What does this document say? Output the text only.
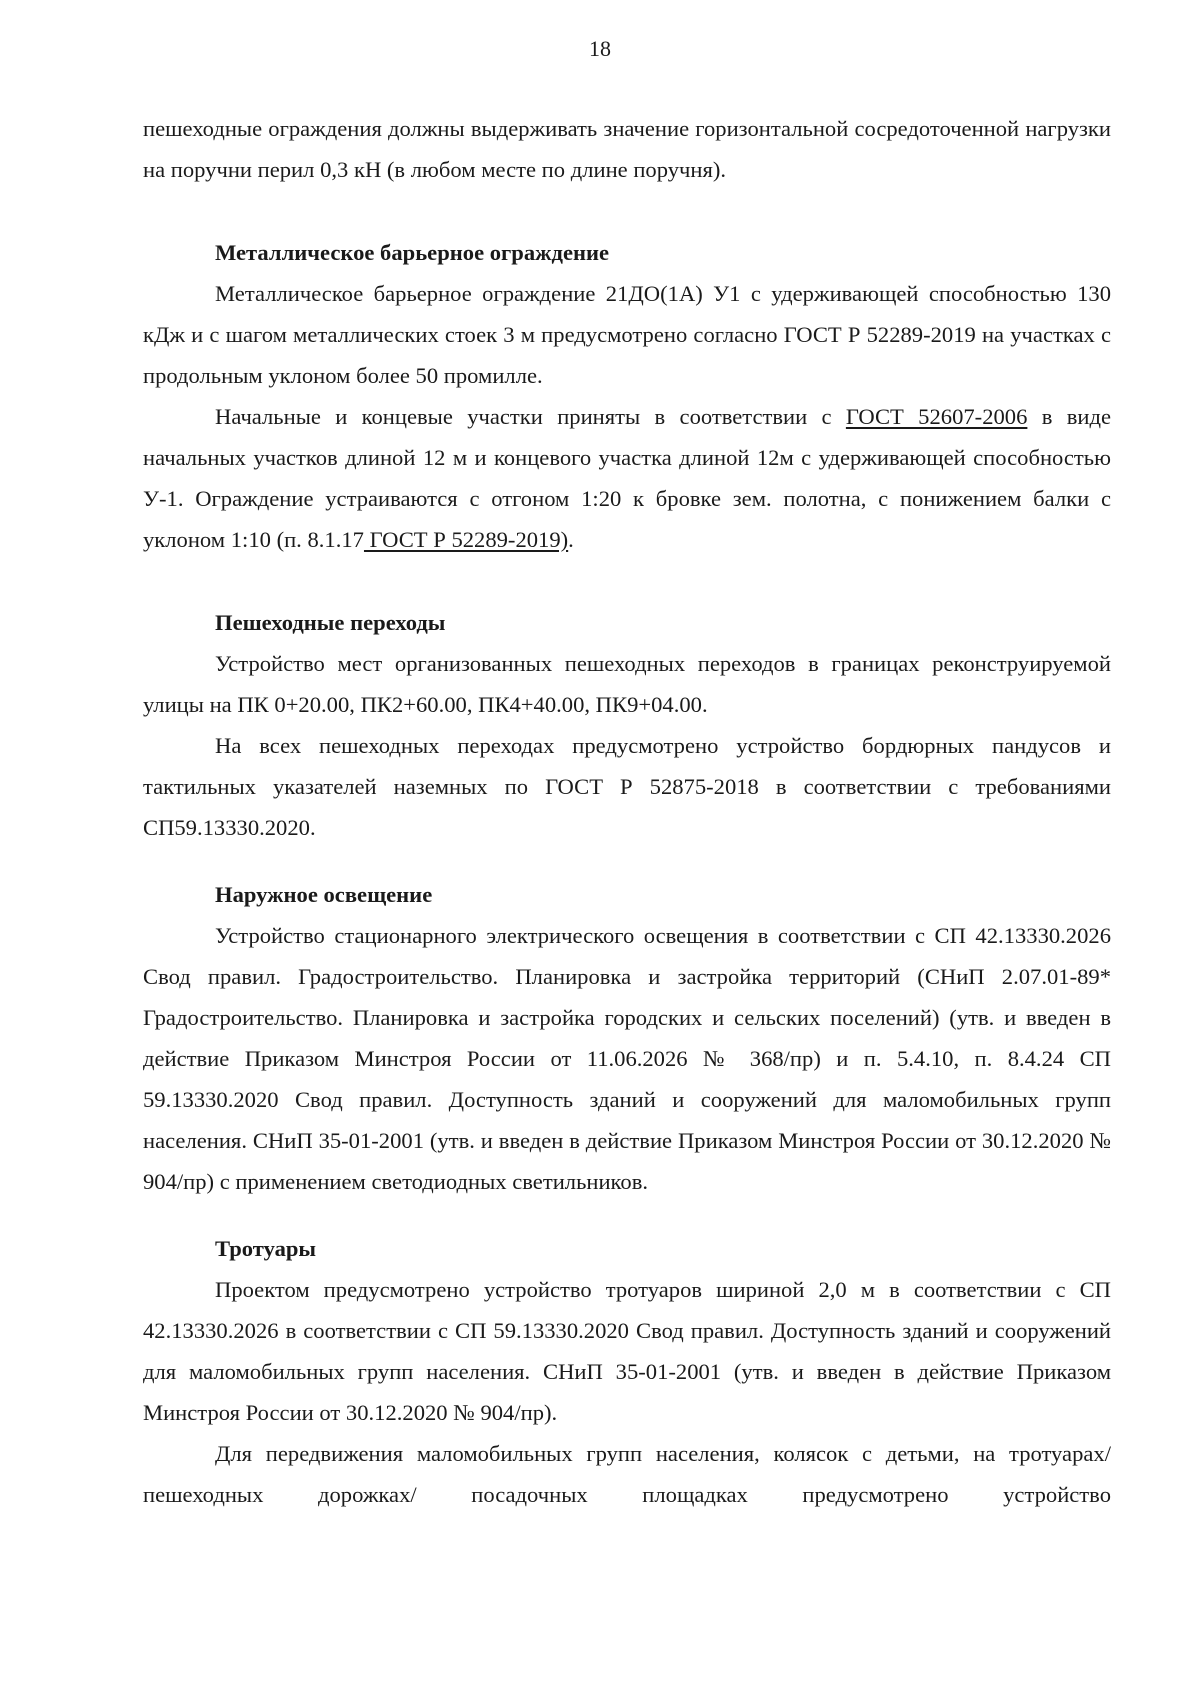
18

пешеходные ограждения должны выдерживать значение горизонтальной сосредоточенной нагрузки на поручни перил 0,3 кН (в любом месте по длине поручня).

Металлическое барьерное ограждение

Металлическое барьерное ограждение 21ДО(1А) У1 с удерживающей способностью 130 кДж и с шагом металлических стоек 3 м предусмотрено согласно ГОСТ Р 52289-2019 на участках с продольным уклоном более 50 промилле.

Начальные и концевые участки приняты в соответствии с ГОСТ 52607-2006 в виде начальных участков длиной 12 м и концевого участка длиной 12м с удерживающей способностью У-1. Ограждение устраиваются с отгоном 1:20 к бровке зем. полотна, с понижением балки с уклоном 1:10 (п. 8.1.17 ГОСТ Р 52289-2019).

Пешеходные переходы

Устройство мест организованных пешеходных переходов в границах реконструируемой улицы на ПК 0+20.00, ПК2+60.00, ПК4+40.00, ПК9+04.00.

На всех пешеходных переходах предусмотрено устройство бордюрных пандусов и тактильных указателей наземных по ГОСТ Р 52875-2018 в соответствии с требованиями СП59.13330.2020.

Наружное освещение

Устройство стационарного электрического освещения в соответствии с СП 42.13330.2026 Свод правил. Градостроительство. Планировка и застройка территорий (СНиП 2.07.01-89* Градостроительство. Планировка и застройка городских и сельских поселений) (утв. и введен в действие Приказом Минстроя России от 11.06.2026 № 368/пр) и п. 5.4.10, п. 8.4.24 СП 59.13330.2020 Свод правил. Доступность зданий и сооружений для маломобильных групп населения. СНиП 35-01-2001 (утв. и введен в действие Приказом Минстроя России от 30.12.2020 № 904/пр) с применением светодиодных светильников.

Тротуары

Проектом предусмотрено устройство тротуаров шириной 2,0 м в соответствии с СП 42.13330.2026 в соответствии с СП 59.13330.2020 Свод правил. Доступность зданий и сооружений для маломобильных групп населения. СНиП 35-01-2001 (утв. и введен в действие Приказом Минстроя России от 30.12.2020 № 904/пр).

Для передвижения маломобильных групп населения, колясок с детьми, на тротуарах/пешеходных дорожках/ посадочных площадках предусмотрено устройство
